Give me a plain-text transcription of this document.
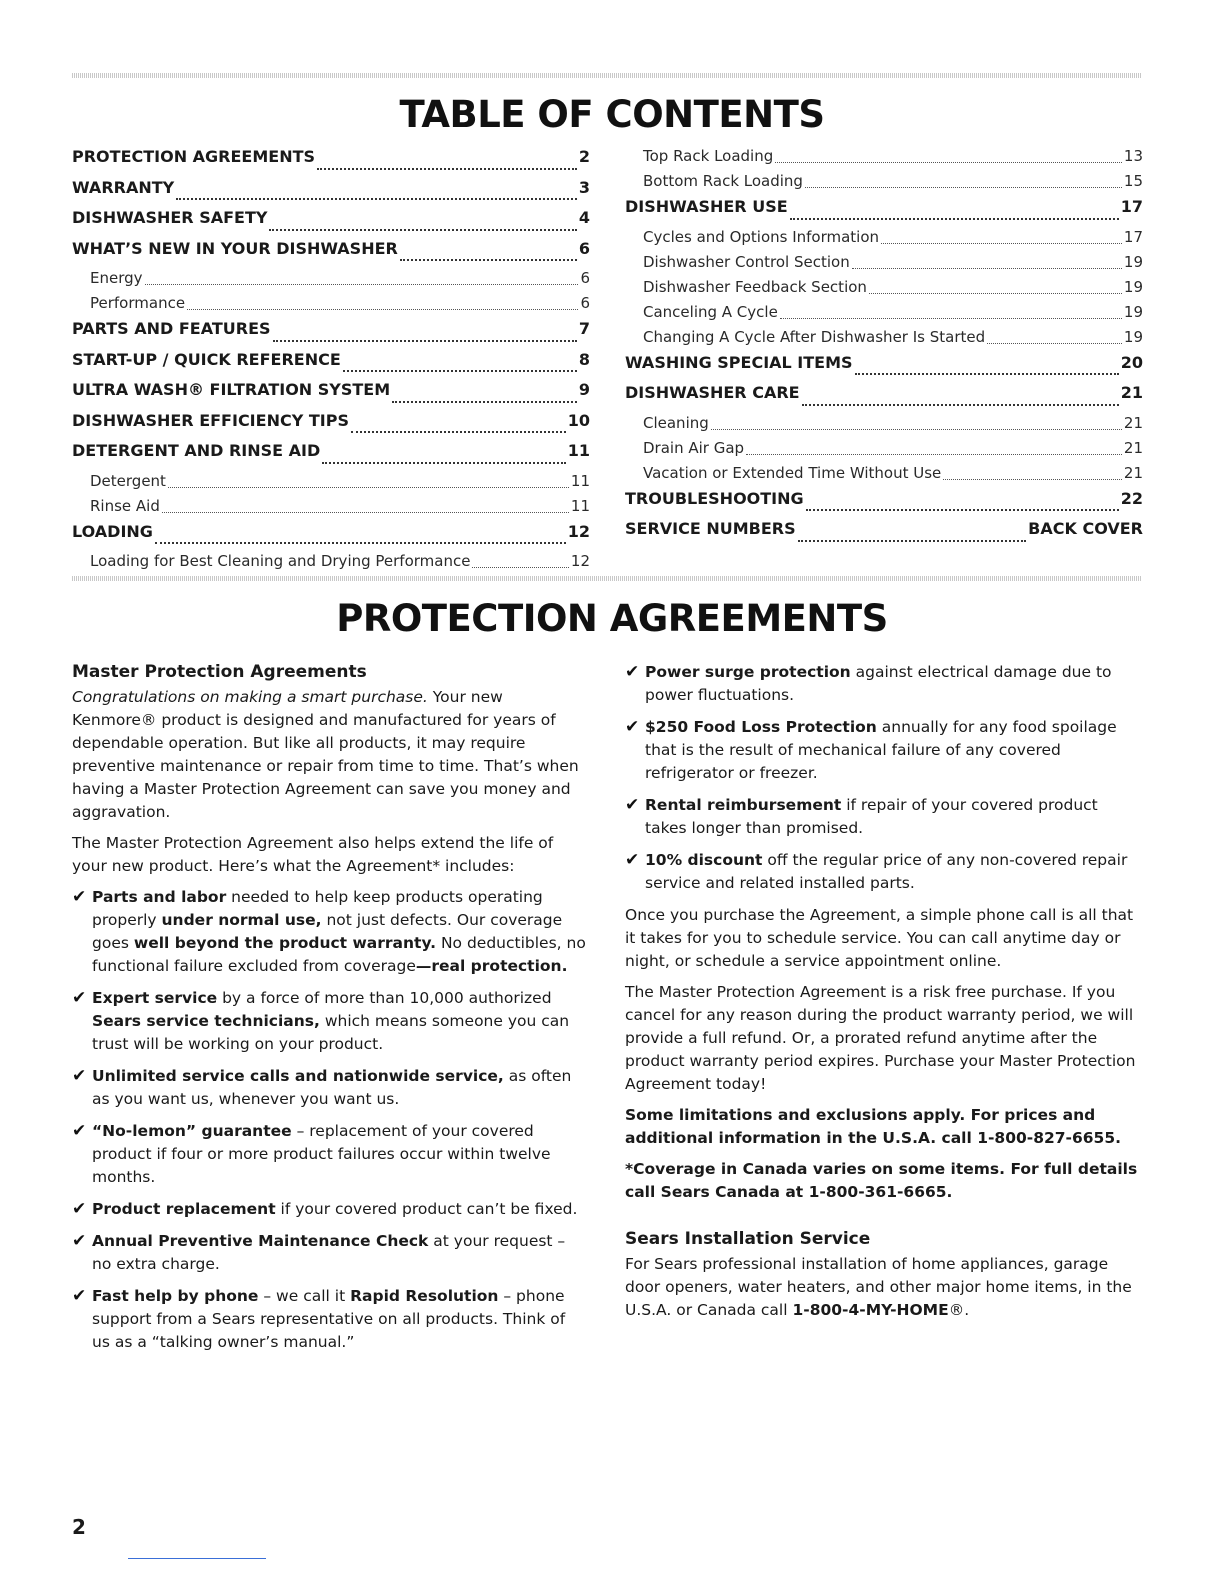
TABLE OF CONTENTS
PROTECTION AGREEMENTS	2
WARRANTY	3
DISHWASHER SAFETY	4
WHAT’S NEW IN YOUR DISHWASHER	6
Energy	6
Performance	6
PARTS AND FEATURES	7
START-UP / QUICK REFERENCE	8
ULTRA WASH® FILTRATION SYSTEM	9
DISHWASHER EFFICIENCY TIPS	10
DETERGENT AND RINSE AID	11
Detergent	11
Rinse Aid	11
LOADING	12
Loading for Best Cleaning and Drying Performance	12
Top Rack Loading	13
Bottom Rack Loading	15
DISHWASHER USE	17
Cycles and Options Information	17
Dishwasher Control Section	19
Dishwasher Feedback Section	19
Canceling A Cycle	19
Changing A Cycle After Dishwasher Is Started	19
WASHING SPECIAL ITEMS	20
DISHWASHER CARE	21
Cleaning	21
Drain Air Gap	21
Vacation or Extended Time Without Use	21
TROUBLESHOOTING	22
SERVICE NUMBERS	BACK COVER
PROTECTION AGREEMENTS

Master Protection Agreements

Congratulations on making a smart purchase. Your new Kenmore® product is designed and manufactured for years of dependable operation. But like all products, it may require preventive maintenance or repair from time to time. That’s when having a Master Protection Agreement can save you money and aggravation.

The Master Protection Agreement also helps extend the life of your new product. Here’s what the Agreement* includes:

✔ Parts and labor needed to help keep products operating properly under normal use, not just defects. Our coverage goes well beyond the product warranty. No deductibles, no functional failure excluded from coverage—real protection.
✔ Expert service by a force of more than 10,000 authorized Sears service technicians, which means someone you can trust will be working on your product.
✔ Unlimited service calls and nationwide service, as often as you want us, whenever you want us.
✔ “No-lemon” guarantee – replacement of your covered product if four or more product failures occur within twelve months.
✔ Product replacement if your covered product can’t be fixed.
✔ Annual Preventive Maintenance Check at your request – no extra charge.
✔ Fast help by phone – we call it Rapid Resolution – phone support from a Sears representative on all products. Think of us as a “talking owner’s manual.”
✔ Power surge protection against electrical damage due to power fluctuations.
✔ $250 Food Loss Protection annually for any food spoilage that is the result of mechanical failure of any covered refrigerator or freezer.
✔ Rental reimbursement if repair of your covered product takes longer than promised.
✔ 10% discount off the regular price of any non-covered repair service and related installed parts.

Once you purchase the Agreement, a simple phone call is all that it takes for you to schedule service. You can call anytime day or night, or schedule a service appointment online.

The Master Protection Agreement is a risk free purchase. If you cancel for any reason during the product warranty period, we will provide a full refund. Or, a prorated refund anytime after the product warranty period expires. Purchase your Master Protection Agreement today!

Some limitations and exclusions apply. For prices and additional information in the U.S.A. call 1-800-827-6655.

*Coverage in Canada varies on some items. For full details call Sears Canada at 1-800-361-6665.

Sears Installation Service

For Sears professional installation of home appliances, garage door openers, water heaters, and other major home items, in the U.S.A. or Canada call 1-800-4-MY-HOME®.

2
